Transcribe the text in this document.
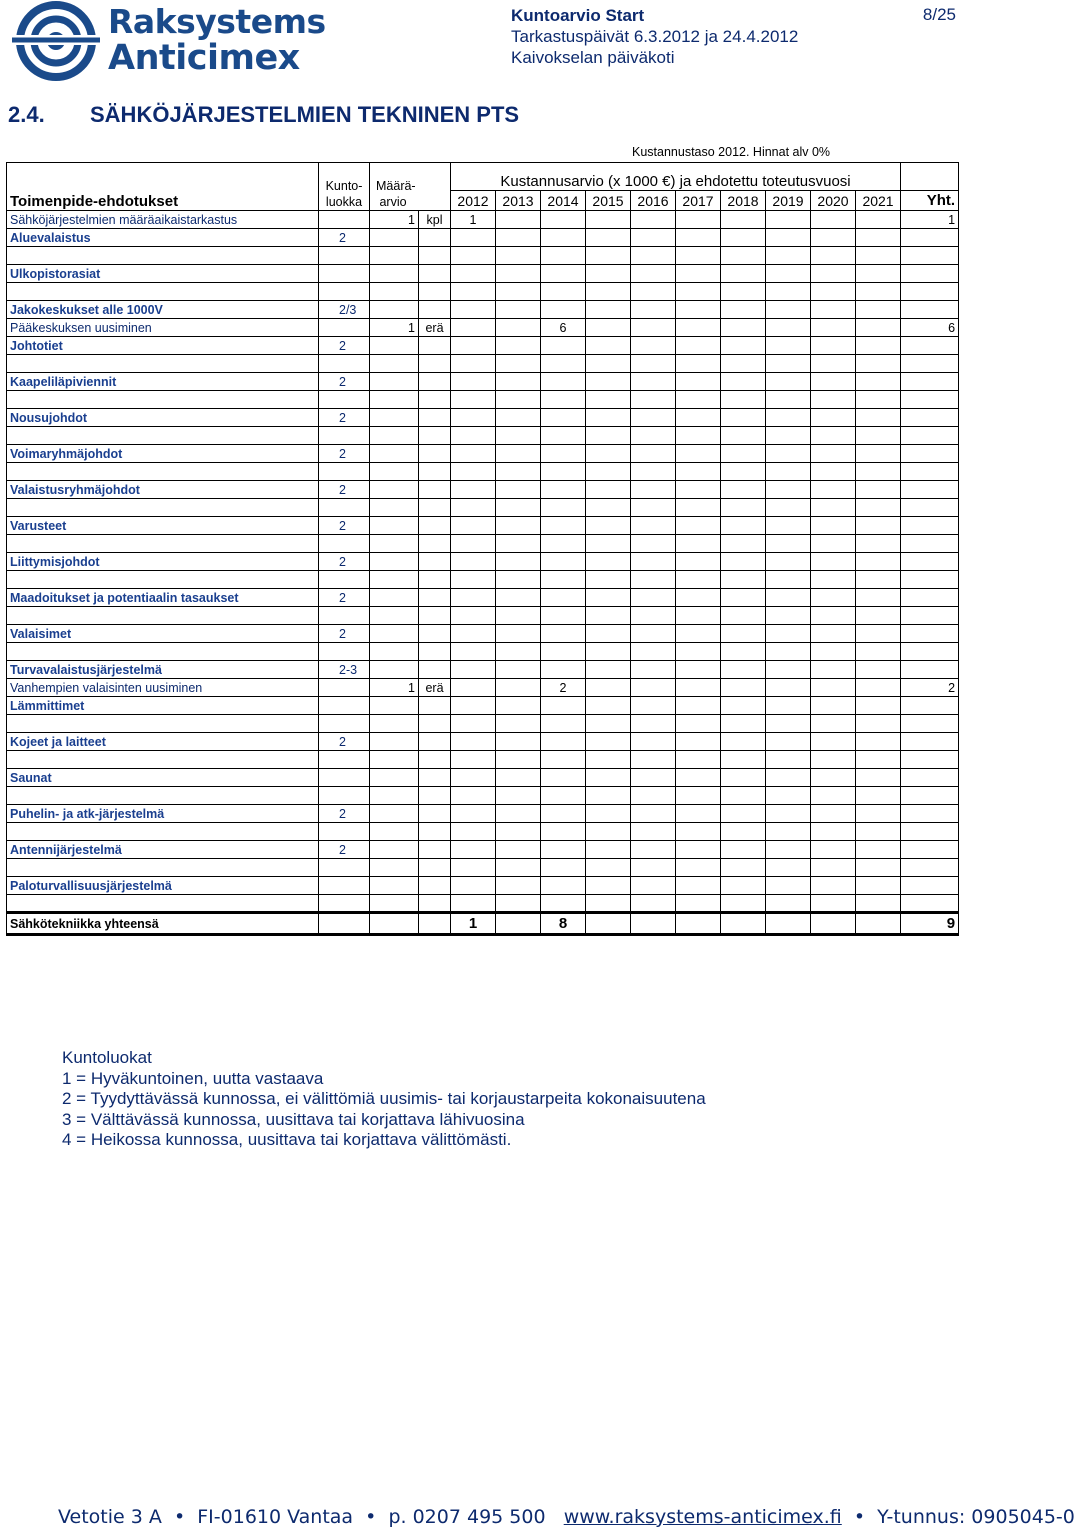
Raksystems
Anticimex
Kuntoarvio Start
Tarkastuspäivät 6.3.2012 ja 24.4.2012
Kaivokselan päiväkoti
8/25
2.4. SÄHKÖJÄRJESTELMIEN TEKNINEN PTS
Kustannustaso 2012. Hinnat alv 0%
Toimenpide-ehdotukset	Kunto-
luokka	Määrä-
arvio		Kustannusarvio (x 1000 €) ja ehdotettu toteutusvuosi										
				2012	2013	2014	2015	2016	2017	2018	2019	2020	2021	Yht.
Sähköjärjestelmien määräaikaistarkastus		1	kpl	1										1
Aluevalaistus	2													

Ulkopistorasiat														

Jakokeskukset alle 1000V	2/3													
Pääkeskuksen uusiminen		1	erä			6								6
Johtotiet	2													

Kaapeliläpiviennit	2													

Nousujohdot	2													

Voimaryhmäjohdot	2													

Valaistusryhmäjohdot	2													

Varusteet	2													

Liittymisjohdot	2													

Maadoitukset ja potentiaalin tasaukset	2													

Valaisimet	2													

Turvavalaistusjärjestelmä	2-3													
Vanhempien valaisinten uusiminen		1	erä			2								2
Lämmittimet														

Kojeet ja laitteet	2													

Saunat														

Puhelin- ja atk-järjestelmä	2													

Antennijärjestelmä	2													

Paloturvallisuusjärjestelmä														

Sähkötekniikka yhteensä				1		8								9
Kuntoluokat
1 = Hyväkuntoinen, uutta vastaava
2 = Tyydyttävässä kunnossa, ei välittömiä uusimis- tai korjaustarpeita kokonaisuutena
3 = Välttävässä kunnossa, uusittava tai korjattava lähivuosina
4 = Heikossa kunnossa, uusittava tai korjattava välittömästi.
Vetotie 3 A  •  FI-01610 Vantaa  •  p. 0207 495 500 www.raksystems-anticimex.fi  •  Y-tunnus: 0905045-0
